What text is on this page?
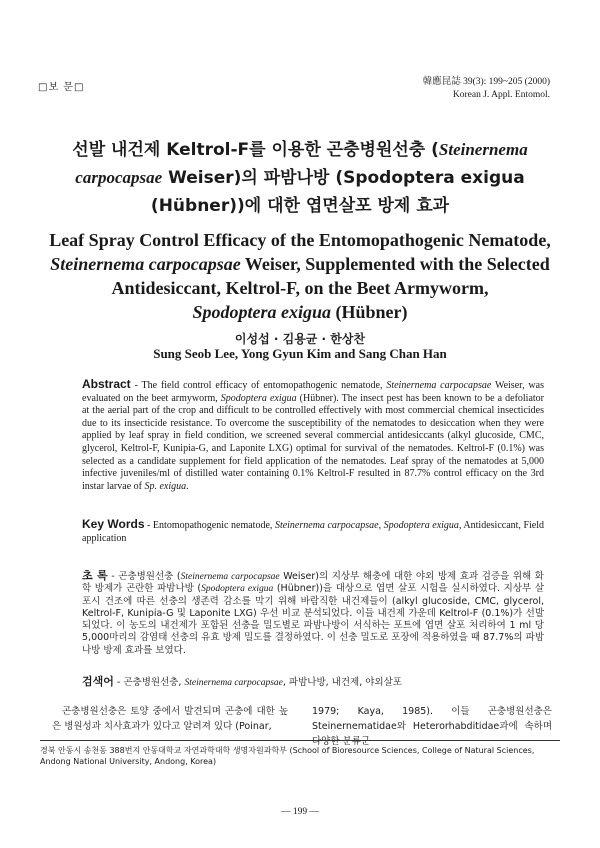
□보 문□	韓應昆誌 39(3): 199~205 (2000)
Korean J. Appl. Entomol.
선발 내건제 Keltrol-F를 이용한 곤충병원선충 (Steinernema
carpocapsae Weiser)의 파밤나방 (Spodoptera exigua
(Hübner))에 대한 엽면살포 방제 효과
Leaf Spray Control Efficacy of the Entomopathogenic Nematode,
Steinernema carpocapsae Weiser, Supplemented with the Selected
Antidesiccant, Keltrol-F, on the Beet Armyworm,
Spodoptera exigua (Hübner)
이성섭 · 김용균 · 한상찬
Sung Seob Lee, Yong Gyun Kim and Sang Chan Han
Abstract - The field control efficacy of entomopathogenic nematode, Steinernema carpocapsae Weiser, was evaluated on the beet armyworm, Spodoptera exigua (Hübner). The insect pest has been known to be a defoliator at the aerial part of the crop and difficult to be controlled effectively with most commercial chemical insecticides due to its insecticide resistance. To overcome the susceptibility of the nematodes to desiccation when they were applied by leaf spray in field condition, we screened several commercial antidesiccants (alkyl glucoside, CMC, glycerol, Keltrol-F, Kunipia-G, and Laponite LXG) optimal for survival of the nematodes. Keltrol-F (0.1%) was selected as a candidate supplement for field application of the nematodes. Leaf spray of the nematodes at 5,000 infective juveniles/ml of distilled water containing 0.1% Keltrol-F resulted in 87.7% control efficacy on the 3rd instar larvae of Sp. exigua.
Key Words - Entomopathogenic nematode, Steinernema carpocapsae, Spodoptera exigua, Antidesiccant, Field application
초 록 - 곤충병원선충 (Steinernema carpocapsae Weiser)의 지상부 해충에 대한 야외 방제 효과 검증을 위해 화학 방제가 곤란한 파밤나방 (Spodoptera exigua (Hübner))을 대상으로 엽면 살포 시험을 실시하였다. 지상부 살포시 건조에 따른 선충의 생존력 감소를 막기 위해 바람직한 내건제들이 (alkyl glucoside, CMC, glycerol, Keltrol-F, Kunipia-G 및 Laponite LXG) 우선 비교 분석되었다. 이들 내건제 가운데 Keltrol-F (0.1%)가 선발되었다. 이 농도의 내건제가 포함된 선충을 밀도별로 파밤나방이 서식하는 포트에 엽면 살포 처리하여 1 ml 당 5,000마리의 감염태 선충의 유효 방제 밀도를 결정하였다. 이 선충 밀도로 포장에 적용하였을 때 87.7%의 파밤나방 방제 효과를 보였다.
검색어 - 곤충병원선충, Steinernema carpocapsae, 파밤나방, 내건제, 야외살포
곤충병원선충은 토양 중에서 발견되며 곤충에 대한 높은 병원성과 치사효과가 있다고 알려져 있다 (Poinar,
1979; Kaya, 1985). 이들 곤충병원선충은 Steinernematidae와 Heterorhabditidae과에 속하며 다양한 분류군
경북 안동시 송천동 388번지 안동대학교 자연과학대학 생명자원과학부 (School of Bioresource Sciences, College of Natural Sciences, Andong National University, Andong, Korea)
— 199 —
